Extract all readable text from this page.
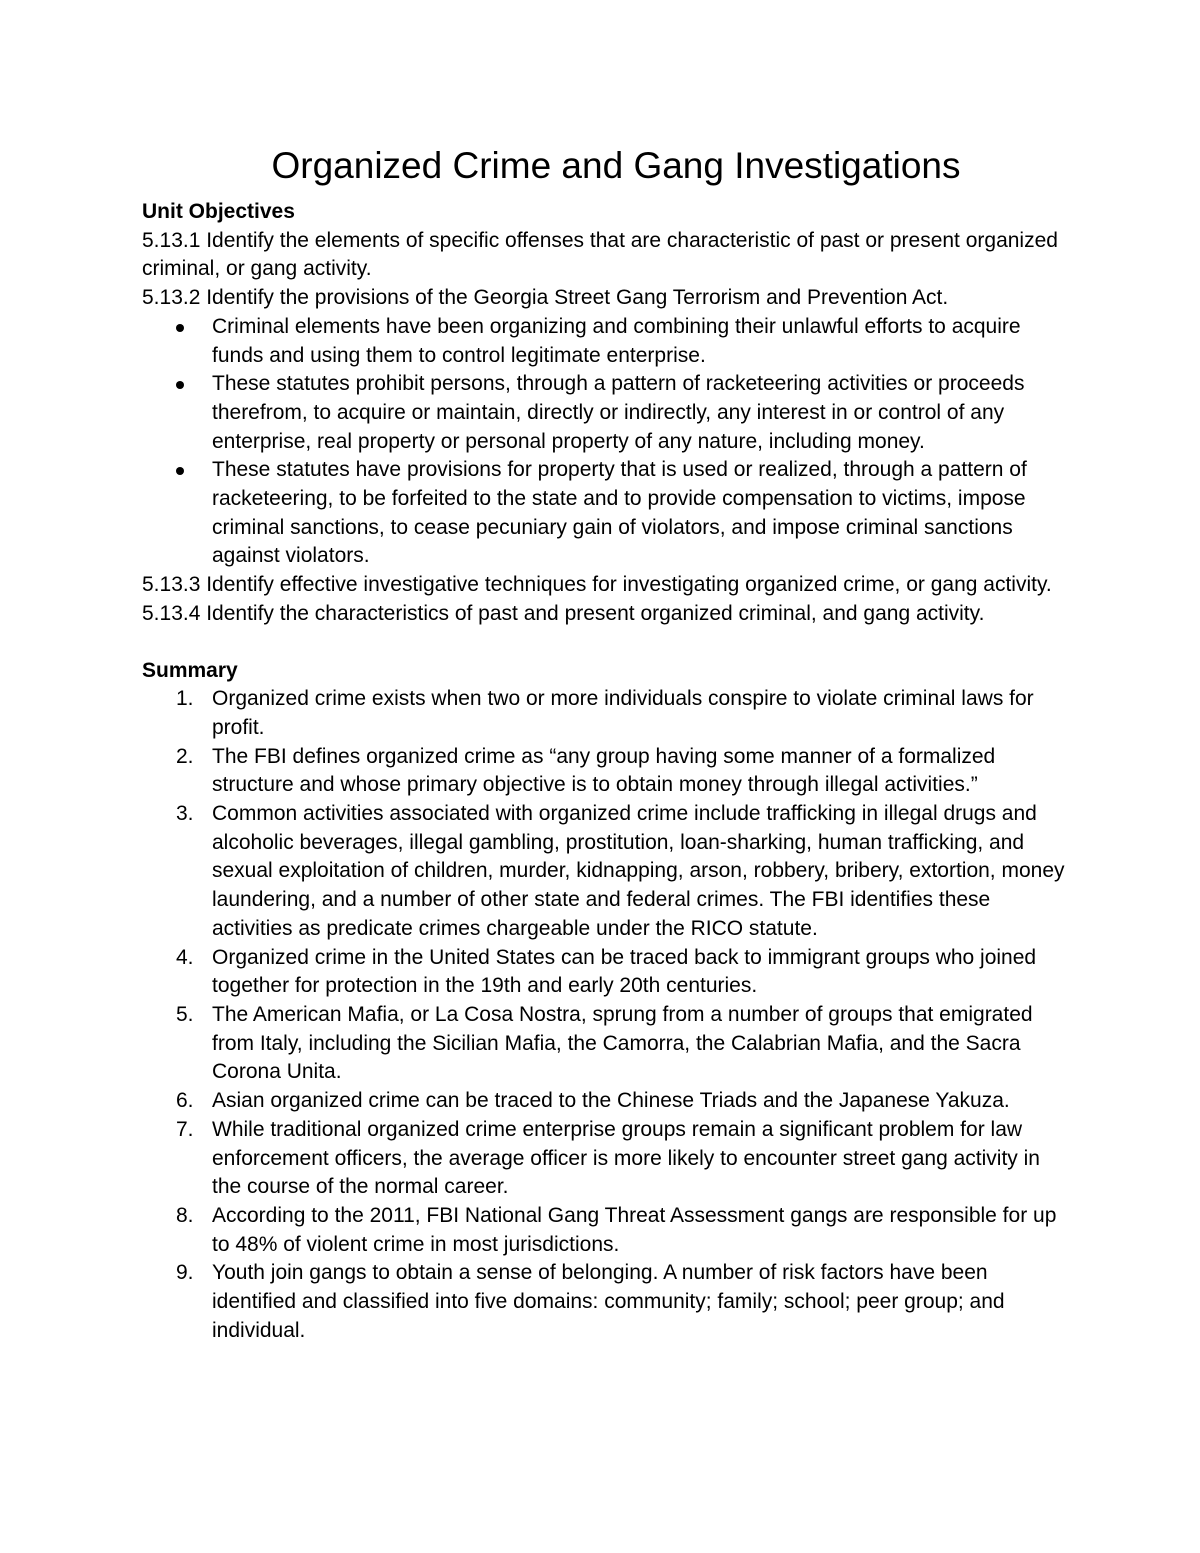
Organized Crime and Gang Investigations

Unit Objectives

5.13.1 Identify the elements of specific offenses that are characteristic of past or present organized criminal, or gang activity.

5.13.2 Identify the provisions of the Georgia Street Gang Terrorism and Prevention Act.

Criminal elements have been organizing and combining their unlawful efforts to acquire funds and using them to control legitimate enterprise.
These statutes prohibit persons, through a pattern of racketeering activities or proceeds therefrom, to acquire or maintain, directly or indirectly, any interest in or control of any enterprise, real property or personal property of any nature, including money.
These statutes have provisions for property that is used or realized, through a pattern of racketeering, to be forfeited to the state and to provide compensation to victims, impose criminal sanctions, to cease pecuniary gain of violators, and impose criminal sanctions against violators.

5.13.3 Identify effective investigative techniques for investigating organized crime, or gang activity.

5.13.4 Identify the characteristics of past and present organized criminal, and gang activity.

Summary

1. Organized crime exists when two or more individuals conspire to violate criminal laws for profit.
2. The FBI defines organized crime as “any group having some manner of a formalized structure and whose primary objective is to obtain money through illegal activities.”
3. Common activities associated with organized crime include trafficking in illegal drugs and alcoholic beverages, illegal gambling, prostitution, loan-sharking, human trafficking, and sexual exploitation of children, murder, kidnapping, arson, robbery, bribery, extortion, money laundering, and a number of other state and federal crimes. The FBI identifies these activities as predicate crimes chargeable under the RICO statute.
4. Organized crime in the United States can be traced back to immigrant groups who joined together for protection in the 19th and early 20th centuries.
5. The American Mafia, or La Cosa Nostra, sprung from a number of groups that emigrated from Italy, including the Sicilian Mafia, the Camorra, the Calabrian Mafia, and the Sacra Corona Unita.
6. Asian organized crime can be traced to the Chinese Triads and the Japanese Yakuza.
7. While traditional organized crime enterprise groups remain a significant problem for law enforcement officers, the average officer is more likely to encounter street gang activity in the course of the normal career.
8. According to the 2011, FBI National Gang Threat Assessment gangs are responsible for up to 48% of violent crime in most jurisdictions.
9. Youth join gangs to obtain a sense of belonging. A number of risk factors have been identified and classified into five domains: community; family; school; peer group; and individual.
